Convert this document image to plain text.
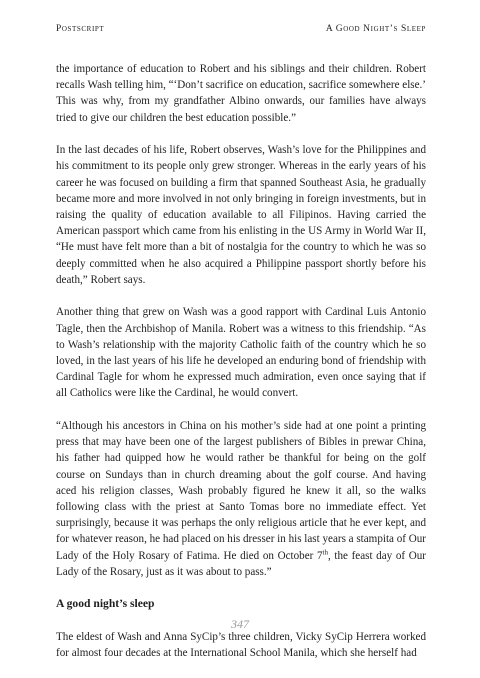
Postscript	A Good Night’s Sleep

the importance of education to Robert and his siblings and their children. Robert recalls Wash telling him, “‘Don’t sacrifice on education, sacrifice somewhere else.’ This was why, from my grandfather Albino onwards, our families have always tried to give our children the best education possible.”

In the last decades of his life, Robert observes, Wash’s love for the Philippines and his commitment to its people only grew stronger. Whereas in the early years of his career he was focused on building a firm that spanned Southeast Asia, he gradually became more and more involved in not only bringing in foreign investments, but in raising the quality of education available to all Filipinos. Having carried the American passport which came from his enlisting in the US Army in World War II, “He must have felt more than a bit of nostalgia for the country to which he was so deeply committed when he also acquired a Philippine passport shortly before his death,” Robert says.

Another thing that grew on Wash was a good rapport with Cardinal Luis Antonio Tagle, then the Archbishop of Manila. Robert was a witness to this friendship. “As to Wash’s relationship with the majority Catholic faith of the country which he so loved, in the last years of his life he developed an enduring bond of friendship with Cardinal Tagle for whom he expressed much admiration, even once saying that if all Catholics were like the Cardinal, he would convert.

“Although his ancestors in China on his mother’s side had at one point a printing press that may have been one of the largest publishers of Bibles in prewar China, his father had quipped how he would rather be thankful for being on the golf course on Sundays than in church dreaming about the golf course. And having aced his religion classes, Wash probably figured he knew it all, so the walks following class with the priest at Santo Tomas bore no immediate effect. Yet surprisingly, because it was perhaps the only religious article that he ever kept, and for whatever reason, he had placed on his dresser in his last years a stampita of Our Lady of the Holy Rosary of Fatima. He died on October 7th, the feast day of Our Lady of the Rosary, just as it was about to pass.”

A good night’s sleep

The eldest of Wash and Anna SyCip’s three children, Vicky SyCip Herrera worked for almost four decades at the International School Manila, which she herself had

347
